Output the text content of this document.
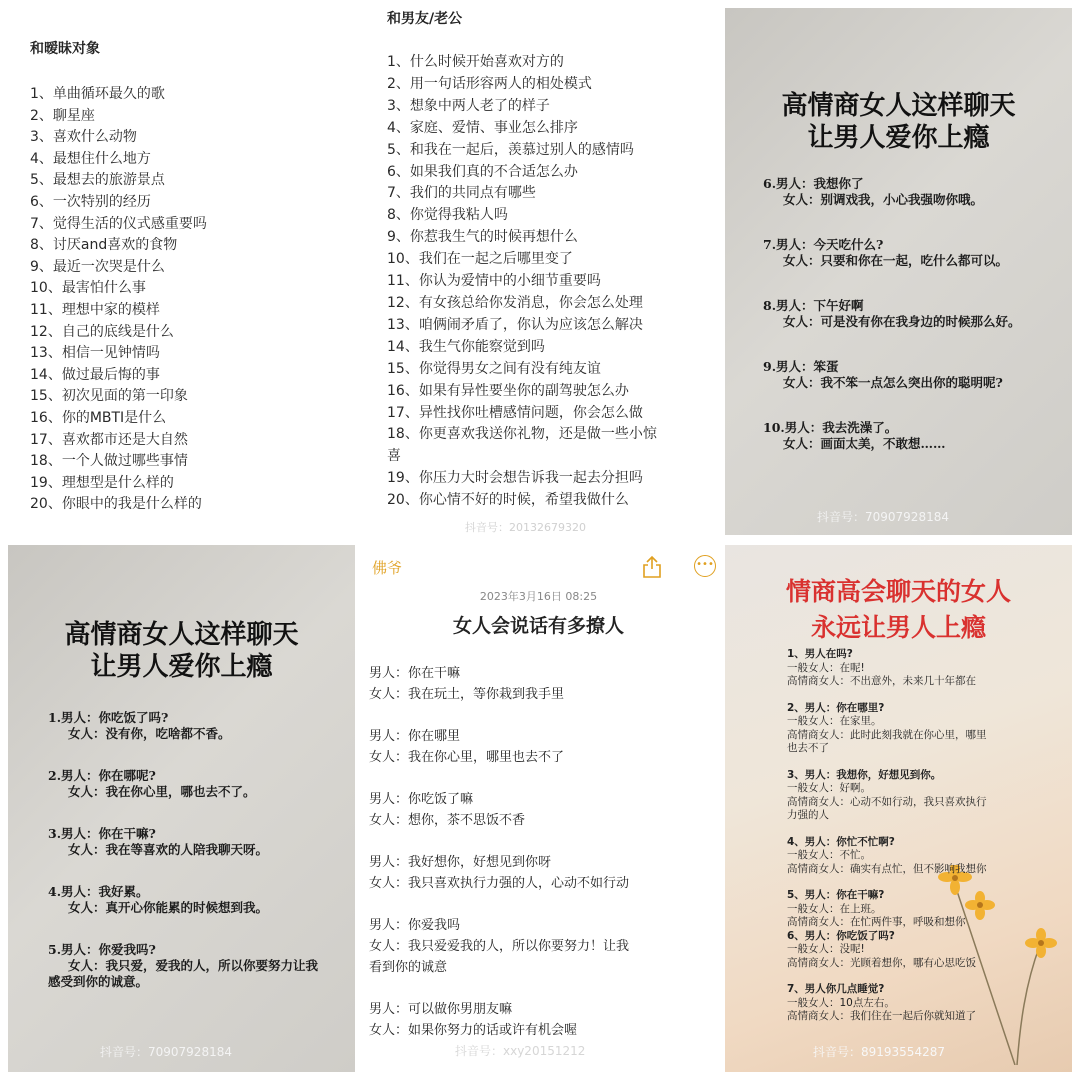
和暧昧对象
1、单曲循环最久的歌
2、聊星座
3、喜欢什么动物
4、最想住什么地方
5、最想去的旅游景点
6、一次特别的经历
7、觉得生活的仪式感重要吗
8、讨厌and喜欢的食物
9、最近一次哭是什么
10、最害怕什么事
11、理想中家的模样
12、自己的底线是什么
13、相信一见钟情吗
14、做过最后悔的事
15、初次见面的第一印象
16、你的MBTI是什么
17、喜欢都市还是大自然
18、一个人做过哪些事情
19、理想型是什么样的
20、你眼中的我是什么样的
和男友/老公
1、什么时候开始喜欢对方的
2、用一句话形容两人的相处模式
3、想象中两人老了的样子
4、家庭、爱情、事业怎么排序
5、和我在一起后，羡慕过别人的感情吗
6、如果我们真的不合适怎么办
7、我们的共同点有哪些
8、你觉得我粘人吗
9、你惹我生气的时候再想什么
10、我们在一起之后哪里变了
11、你认为爱情中的小细节重要吗
12、有女孩总给你发消息，你会怎么处理
13、咱俩闹矛盾了，你认为应该怎么解决
14、我生气你能察觉到吗
15、你觉得男女之间有没有纯友谊
16、如果有异性要坐你的副驾驶怎么办
17、异性找你吐槽感情问题，你会怎么做
18、你更喜欢我送你礼物，还是做一些小惊
喜
19、你压力大时会想告诉我一起去分担吗
20、你心情不好的时候，希望我做什么
抖音号：20132679320
高情商女人这样聊天
让男人爱你上瘾
6.男人：我想你了
女人：别调戏我，小心我强吻你哦。
7.男人：今天吃什么?
女人：只要和你在一起，吃什么都可以。
8.男人：下午好啊
女人：可是没有你在我身边的时候那么好。
9.男人：笨蛋
女人：我不笨一点怎么突出你的聪明呢?
10.男人：我去洗澡了。
女人：画面太美，不敢想……
抖音号：70907928184
高情商女人这样聊天
让男人爱你上瘾
1.男人：你吃饭了吗?
女人：没有你，吃啥都不香。
2.男人：你在哪呢?
女人：我在你心里，哪也去不了。
3.男人：你在干嘛?
女人：我在等喜欢的人陪我聊天呀。
4.男人：我好累。
女人：真开心你能累的时候想到我。
5.男人：你爱我吗?
女人：我只爱，爱我的人，所以你要努力让我
感受到你的诚意。
抖音号：70907928184
佛爷	•••
2023年3月16日 08:25
女人会说话有多撩人
男人：你在干嘛
女人：我在玩土，等你栽到我手里
男人：你在哪里
女人：我在你心里，哪里也去不了
男人：你吃饭了嘛
女人：想你，茶不思饭不香
男人：我好想你，好想见到你呀
女人：我只喜欢执行力强的人，心动不如行动
男人：你爱我吗
女人：我只爱爱我的人，所以你要努力！让我
看到你的诚意
男人：可以做你男朋友嘛
女人：如果你努力的话或许有机会喔
抖音号：xxy20151212
情商高会聊天的女人
永远让男人上瘾
1、男人在吗?
一般女人：在呢!
高情商女人：不出意外，未来几十年都在
2、男人：你在哪里?
一般女人：在家里。
高情商女人：此时此刻我就在你心里，哪里
也去不了
3、男人：我想你，好想见到你。
一般女人：好啊。
高情商女人：心动不如行动，我只喜欢执行
力强的人
4、男人：你忙不忙啊?
一般女人：不忙。
高情商女人：确实有点忙，但不影响我想你
5、男人：你在干嘛?
一般女人：在上班。
高情商女人：在忙两件事，呼吸和想你
6、男人：你吃饭了吗?
一般女人：没呢!
高情商女人：光顾着想你，哪有心思吃饭
7、男人你几点睡觉?
一般女人：10点左右。
高情商女人：我们住在一起后你就知道了
抖音号：89193554287
